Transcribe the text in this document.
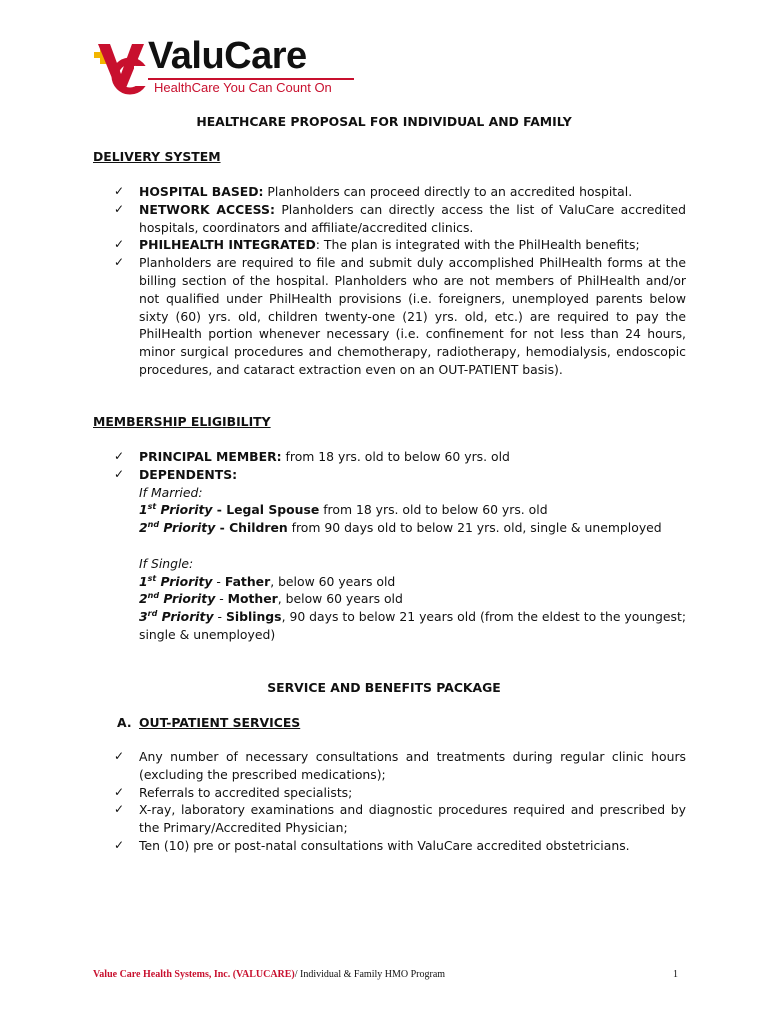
ValuCare
HealthCare You Can Count On
HEALTHCARE PROPOSAL FOR INDIVIDUAL AND FAMILY
DELIVERY SYSTEM
✓ HOSPITAL BASED: Planholders can proceed directly to an accredited hospital.
✓ NETWORK ACCESS: Planholders can directly access the list of ValuCare accredited hospitals, coordinators and affiliate/accredited clinics.
✓ PHILHEALTH INTEGRATED: The plan is integrated with the PhilHealth benefits;
✓ Planholders are required to file and submit duly accomplished PhilHealth forms at the billing section of the hospital. Planholders who are not members of PhilHealth and/or not qualified under PhilHealth provisions (i.e. foreigners, unemployed parents below sixty (60) yrs. old, children twenty-one (21) yrs. old, etc.) are required to pay the PhilHealth portion whenever necessary (i.e. confinement for not less than 24 hours, minor surgical procedures and chemotherapy, radiotherapy, hemodialysis, endoscopic procedures, and cataract extraction even on an OUT-PATIENT basis).
MEMBERSHIP ELIGIBILITY
✓ PRINCIPAL MEMBER: from 18 yrs. old to below 60 yrs. old
✓ DEPENDENTS:
If Married:
1st Priority - Legal Spouse from 18 yrs. old to below 60 yrs. old
2nd Priority - Children from 90 days old to below 21 yrs. old, single & unemployed
If Single:
1st Priority - Father, below 60 years old
2nd Priority - Mother, below 60 years old
3rd Priority - Siblings, 90 days to below 21 years old (from the eldest to the youngest; single & unemployed)
SERVICE AND BENEFITS PACKAGE
A. OUT-PATIENT SERVICES
✓ Any number of necessary consultations and treatments during regular clinic hours (excluding the prescribed medications);
✓ Referrals to accredited specialists;
✓ X-ray, laboratory examinations and diagnostic procedures required and prescribed by the Primary/Accredited Physician;
✓ Ten (10) pre or post-natal consultations with ValuCare accredited obstetricians.
Value Care Health Systems, Inc. (VALUCARE)/ Individual & Family HMO Program	1
